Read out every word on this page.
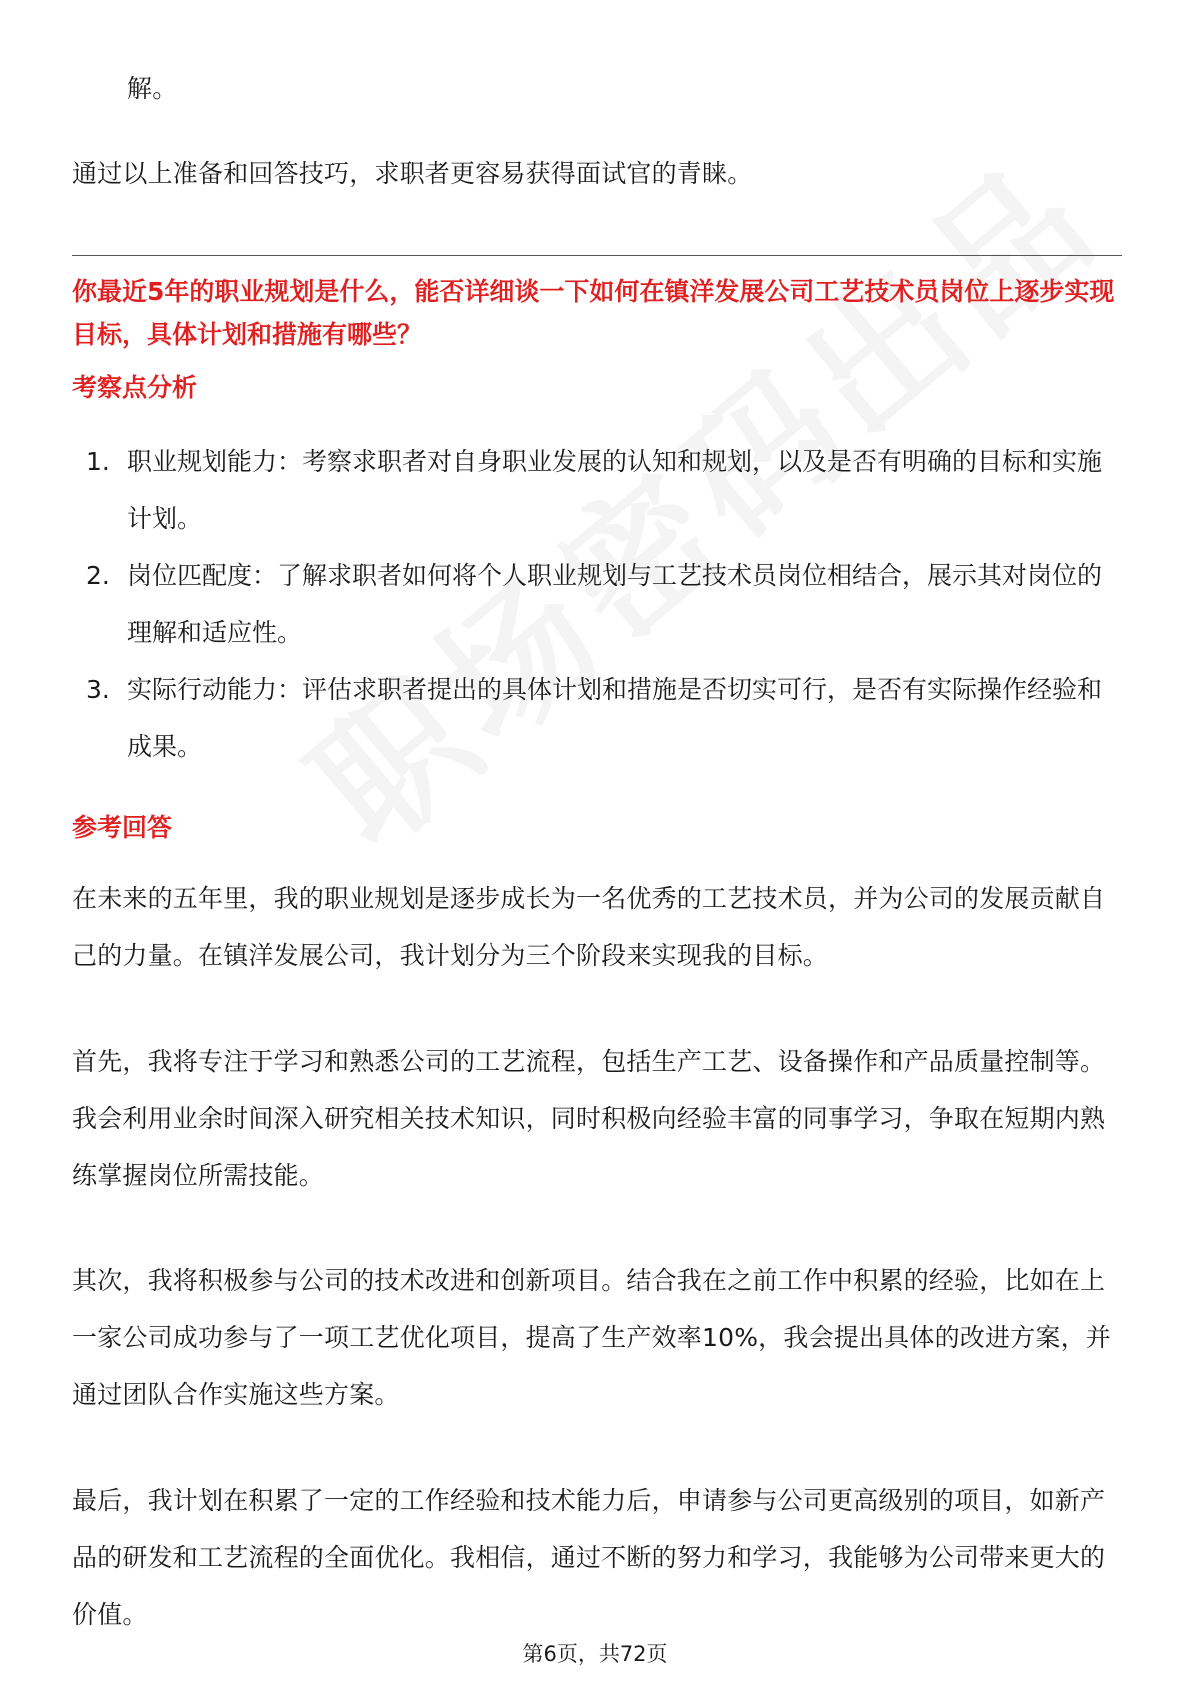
解。

通过以上准备和回答技巧，求职者更容易获得面试官的青睐。

你最近5年的职业规划是什么，能否详细谈一下如何在镇洋发展公司工艺技术员岗位上逐步实现目标，具体计划和措施有哪些？

考察点分析

1. 职业规划能力：考察求职者对自身职业发展的认知和规划，以及是否有明确的目标和实施计划。
2. 岗位匹配度：了解求职者如何将个人职业规划与工艺技术员岗位相结合，展示其对岗位的理解和适应性。
3. 实际行动能力：评估求职者提出的具体计划和措施是否切实可行，是否有实际操作经验和成果。

参考回答

在未来的五年里，我的职业规划是逐步成长为一名优秀的工艺技术员，并为公司的发展贡献自己的力量。在镇洋发展公司，我计划分为三个阶段来实现我的目标。

首先，我将专注于学习和熟悉公司的工艺流程，包括生产工艺、设备操作和产品质量控制等。我会利用业余时间深入研究相关技术知识，同时积极向经验丰富的同事学习，争取在短期内熟练掌握岗位所需技能。

其次，我将积极参与公司的技术改进和创新项目。结合我在之前工作中积累的经验，比如在上一家公司成功参与了一项工艺优化项目，提高了生产效率10%，我会提出具体的改进方案，并通过团队合作实施这些方案。

最后，我计划在积累了一定的工作经验和技术能力后，申请参与公司更高级别的项目，如新产品的研发和工艺流程的全面优化。我相信，通过不断的努力和学习，我能够为公司带来更大的价值。

第6页，共72页
